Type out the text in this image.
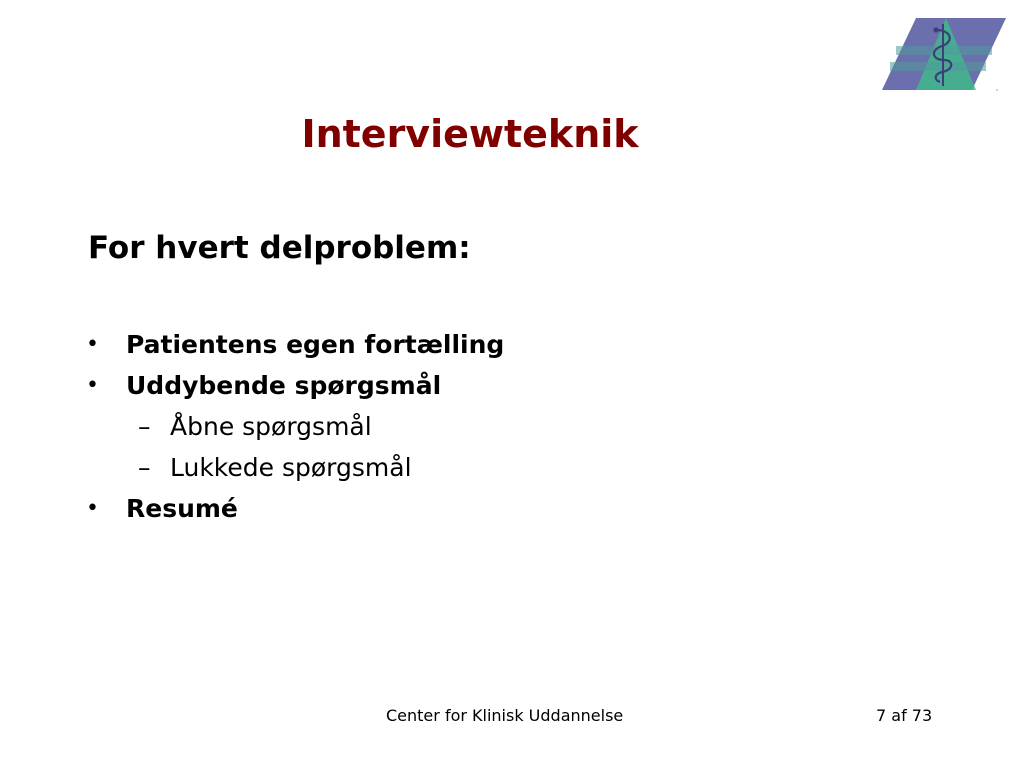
Interviewteknik
For hvert delproblem:
•	Patientens egen fortælling
•	Uddybende spørgsmål
– Åbne spørgsmål
– Lukkede spørgsmål
•	Resumé
Center for Klinisk Uddannelse	7 af 73
